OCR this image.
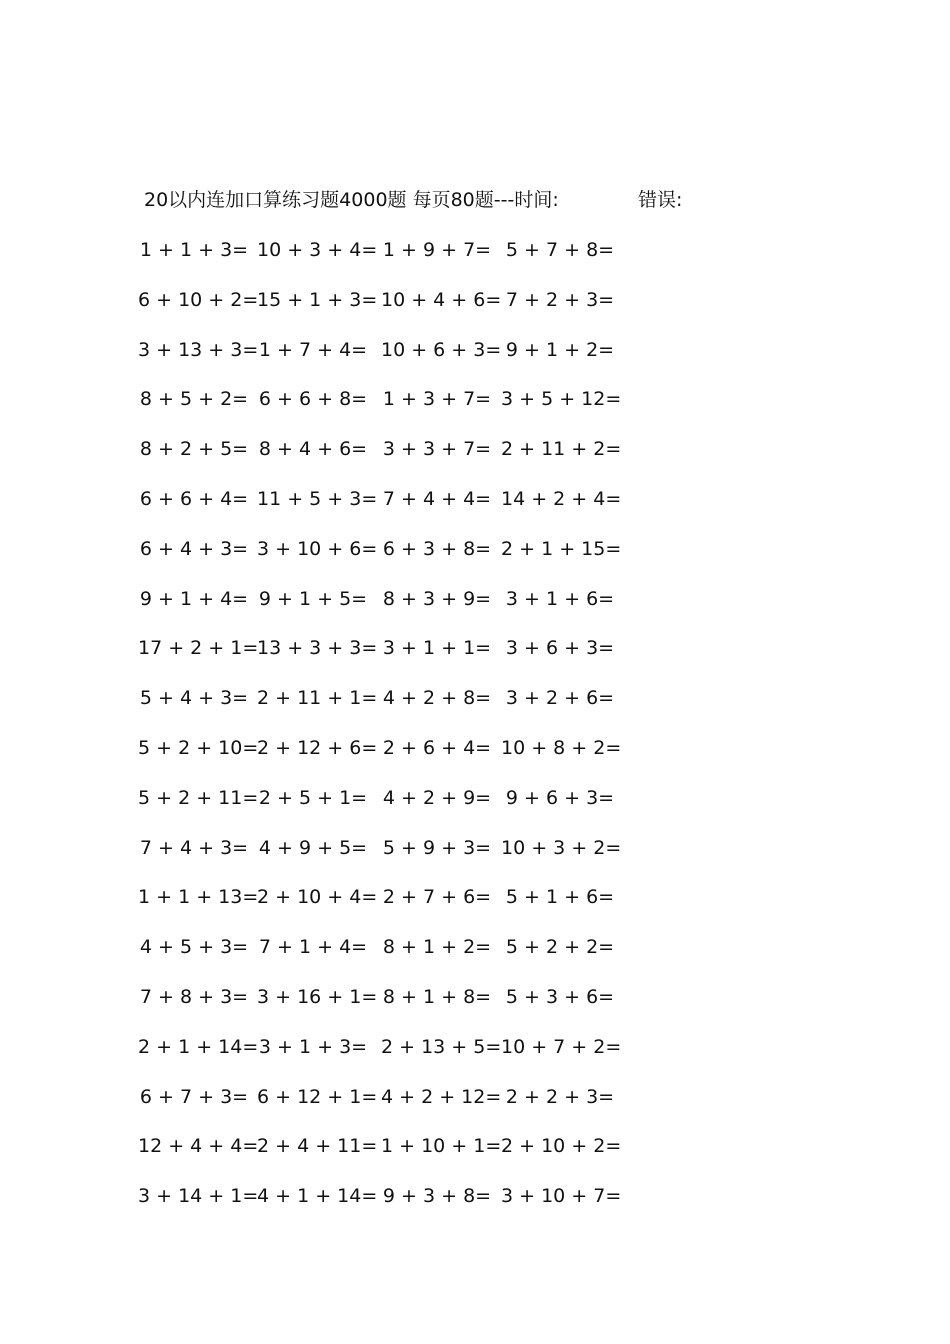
20以内连加口算练习题4000题 每页80题---时间:	错误:
1 + 1 + 3= 10 + 3 + 4= 1 + 9 + 7= 5 + 7 + 8=
6 + 10 + 2=
15 + 1 + 3= 10 + 4 + 6= 7 + 2 + 3=
3 + 13 + 3= 1 + 7 + 4= 10 + 6 + 3= 9 + 1 + 2=
8 + 5 + 2= 6 + 6 + 8= 1 + 3 + 7= 3 + 5 + 12=
8 + 2 + 5= 8 + 4 + 6= 3 + 3 + 7= 2 + 11 + 2=
6 + 6 + 4= 11 + 5 + 3= 7 + 4 + 4= 14 + 2 + 4=
6 + 4 + 3= 3 + 10 + 6= 6 + 3 + 8= 2 + 1 + 15=
9 + 1 + 4= 9 + 1 + 5= 8 + 3 + 9= 3 + 1 + 6=
17 + 2 + 1=
13 + 3 + 3= 3 + 1 + 1= 3 + 6 + 3=
5 + 4 + 3= 2 + 11 + 1= 4 + 2 + 8= 3 + 2 + 6=
5 + 2 + 10=
2 + 12 + 6= 2 + 6 + 4= 10 + 8 + 2=
5 + 2 + 11= 2 + 5 + 1= 4 + 2 + 9= 9 + 6 + 3=
7 + 4 + 3= 4 + 9 + 5= 5 + 9 + 3= 10 + 3 + 2=
1 + 1 + 13=
2 + 10 + 4= 2 + 7 + 6= 5 + 1 + 6=
4 + 5 + 3= 7 + 1 + 4= 8 + 1 + 2= 5 + 2 + 2=
7 + 8 + 3= 3 + 16 + 1= 8 + 1 + 8= 5 + 3 + 6=
2 + 1 + 14= 3 + 1 + 3= 2 + 13 + 5= 10 + 7 + 2=
6 + 7 + 3= 6 + 12 + 1= 4 + 2 + 12= 2 + 2 + 3=
12 + 4 + 4=
2 + 4 + 11= 1 + 10 + 1= 2 + 10 + 2=
3 + 14 + 1=
4 + 1 + 14= 9 + 3 + 8= 3 + 10 + 7=
